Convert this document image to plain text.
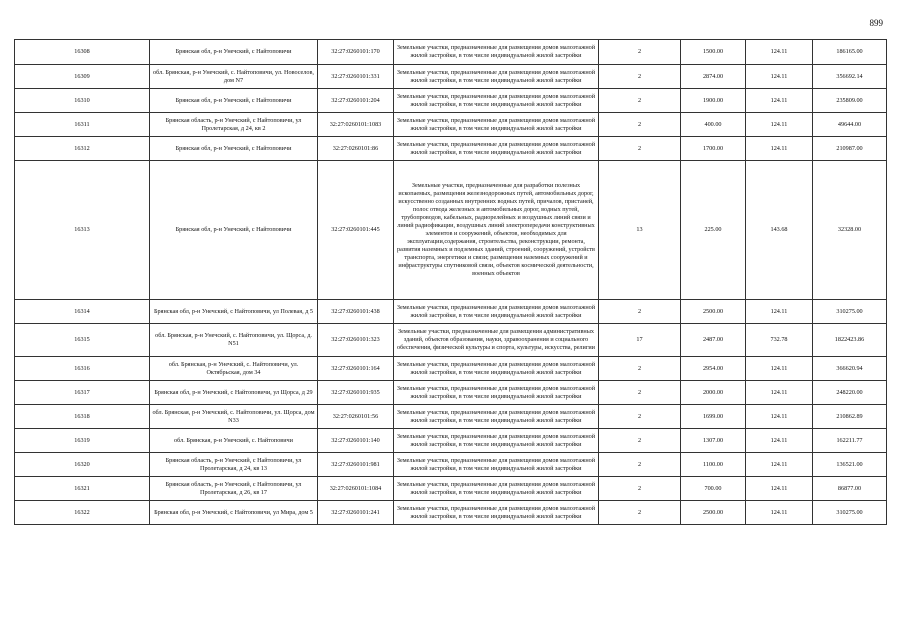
899
16308	Брянская обл, р-н Унечский, с Найтоповичи	32:27:0260101:170	Земельные участки, предназначенные для размещения домов малоэтажной жилой застройки, в том числе индивидуальной жилой застройки	2	1500.00	124.11	186165.00
16309	обл. Брянская, р-н Унечский, с. Найтоповичи, ул. Новоселов, дом N7	32:27:0260101:331	Земельные участки, предназначенные для размещения домов малоэтажной жилой застройки, в том числе индивидуальной жилой застройки	2	2874.00	124.11	356692.14
16310	Брянская обл, р-н Унечский, с Найтоповичи	32:27:0260101:204	Земельные участки, предназначенные для размещения домов малоэтажной жилой застройки, в том числе индивидуальной жилой застройки	2	1900.00	124.11	235809.00
16311	Брянская область, р-н Унечский, с Найтоповичи, ул Пролетарская, д 24, кв 2	32:27:0260101:1083	Земельные участки, предназначенные для размещения домов малоэтажной жилой застройки, в том числе индивидуальной жилой застройки	2	400.00	124.11	49644.00
16312	Брянская обл, р-н Унечский, с Найтоповичи	32:27:0260101:86	Земельные участки, предназначенные для размещения домов малоэтажной жилой застройки, в том числе индивидуальной жилой застройки	2	1700.00	124.11	210987.00
16313	Брянская обл, р-н Унечский, с Найтоповичи	32:27:0260101:445	Земельные участки, предназначенные для разработки полезных ископаемых, размещения железнодорожных путей, автомобильных дорог, искусственно созданных внутренних водных путей, причалов, пристаней, полос отвода железных и автомобильных дорог, водных путей, трубопроводов, кабельных, радиорелейных и воздушных линий связи и линий радиофикации, воздушных линий электропередачи конструктивных элементов и сооружений, объектов, необходимых для эксплуатации,содержания, строительства, реконструкции, ремонта, развития наземных и подземных зданий, строений, сооружений, устройств транспорта, энергетики и связи; размещения наземных сооружений и инфраструктуры спутниковой связи, объектов космической деятельности, военных объектов	13	225.00	143.68	32328.00
16314	Брянская обл, р-н Унечский, с Найтоповичи, ул Полевая, д 5	32:27:0260101:438	Земельные участки, предназначенные для размещения домов малоэтажной жилой застройки, в том числе индивидуальной жилой застройки	2	2500.00	124.11	310275.00
16315	обл. Брянская, р-н Унечский, с. Найтоповичи, ул. Щорса, д. N51	32:27:0260101:323	Земельные участки, предназначенные для размещения административных зданий, объектов образования, науки, здравоохранения и социального обеспечения, физической культуры и спорта, культуры, искусства, религии	17	2487.00	732.78	1822423.86
16316	обл. Брянская, р-н Унечский, с. Найтоповичи, ул. Октябрьская, дом 34	32:27:0260101:164	Земельные участки, предназначенные для размещения домов малоэтажной жилой застройки, в том числе индивидуальной жилой застройки	2	2954.00	124.11	366620.94
16317	Брянская обл, р-н Унечский, с Найтоповичи, ул Щорса, д 29	32:27:0260101:935	Земельные участки, предназначенные для размещения домов малоэтажной жилой застройки, в том числе индивидуальной жилой застройки	2	2000.00	124.11	248220.00
16318	обл. Брянская, р-н Унечский, с. Найтоповичи, ул. Щорса, дом N33	32:27:0260101:56	Земельные участки, предназначенные для размещения домов малоэтажной жилой застройки, в том числе индивидуальной жилой застройки	2	1699.00	124.11	210862.89
16319	обл. Брянская, р-н Унечский, с. Найтоповичи	32:27:0260101:140	Земельные участки, предназначенные для размещения домов малоэтажной жилой застройки, в том числе индивидуальной жилой застройки	2	1307.00	124.11	162211.77
16320	Брянская область, р-н Унечский, с Найтоповичи, ул Пролетарская, д 24, кв 13	32:27:0260101:981	Земельные участки, предназначенные для размещения домов малоэтажной жилой застройки, в том числе индивидуальной жилой застройки	2	1100.00	124.11	136521.00
16321	Брянская область, р-н Унечский, с Найтоповичи, ул Пролетарская, д 26, кв 17	32:27:0260101:1084	Земельные участки, предназначенные для размещения домов малоэтажной жилой застройки, в том числе индивидуальной жилой застройки	2	700.00	124.11	86877.00
16322	Брянская обл, р-н Унечский, с Найтоповичи, ул Мира, дом 5	32:27:0260101:241	Земельные участки, предназначенные для размещения домов малоэтажной жилой застройки, в том числе индивидуальной жилой застройки	2	2500.00	124.11	310275.00
